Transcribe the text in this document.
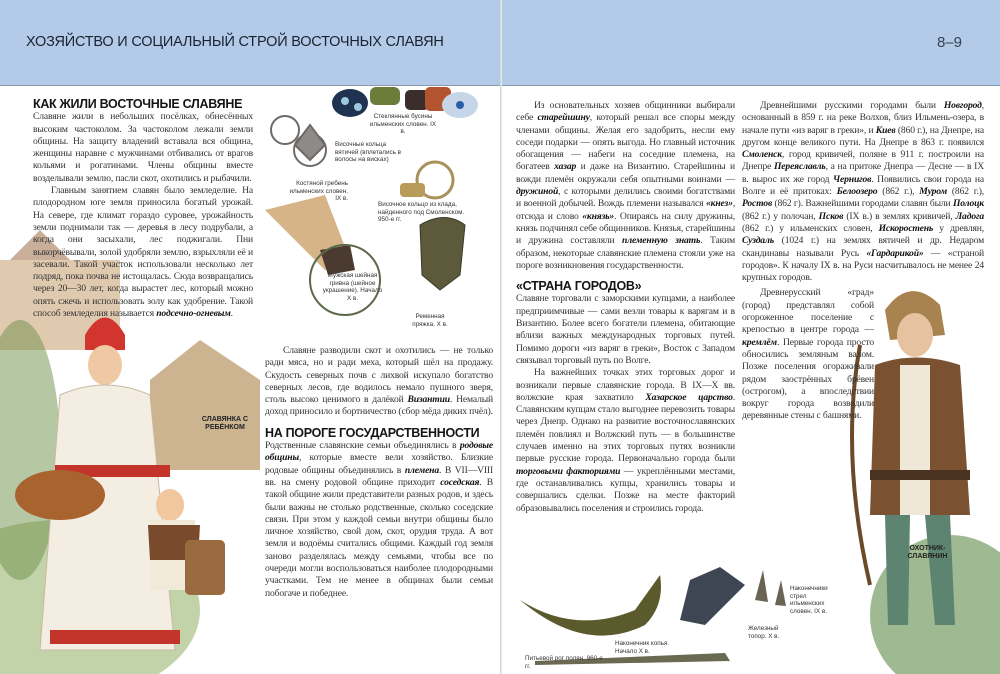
ХОЗЯЙСТВО И СОЦИАЛЬНЫЙ СТРОЙ ВОСТОЧНЫХ СЛАВЯН	8–9
СЛАВЯНКА С РЕБЁНКОМ
Стеклянные бусины ильменских словен. IX в.
Височные кольца вятичей (вплетались в волосы на висках)
Костяной гребень ильменских словен. IX в.
Височное кольцо из клада, найденного под Смоленском. 950-е гг.
Мужская шейная гривна (шейное украшение). Начало X в.
Ременная пряжка. X в.
КАК ЖИЛИ ВОСТОЧНЫЕ СЛАВЯНЕ

Славяне жили в небольших посёлках, обнесённых высоким частоколом. За частоколом лежали земли общины. На защиту владений вставала вся община, женщины наравне с мужчинами отбивались от врагов кольями и рогатинами. Члены общины вместе возделывали землю, пасли скот, охотились и рыбачили.

Главным занятием славян было земледелие. На плодородном юге земля приносила богатый урожай. На севере, где климат гораздо суровее, урожайность земли поднимали так — деревья в лесу подрубали, а когда они засыхали, лес поджигали. Пни выкорчёвывали, золой удобряли землю, взрыхляли её и засевали. Такой участок использовали несколько лет подряд, пока почва не истощалась. Сюда возвращались через 20—30 лет, когда вырастет лес, который можно опять сжечь и использовать золу как удобрение. Такой способ земледелия называется подсечно-огневым.

Славяне разводили скот и охотились — не только ради мяса, но и ради меха, который шёл на продажу. Скудость северных почв с лихвой искупало богатство северных лесов, где водилось немало пушного зверя, столь высоко ценимого в далёкой Византии. Немалый доход приносило и бортничество (сбор мёда диких пчёл).

НА ПОРОГЕ ГОСУДАРСТВЕННОСТИ

Родственные славянские семьи объединялись в родовые общины, которые вместе вели хозяйство. Близкие родовые общины объединялись в племена. В VII—VIII вв. на смену родовой общине приходит соседская. В такой общине жили представители разных родов, и здесь были важны не столько родственные, сколько соседские связи. При этом у каждой семьи внутри общины было личное хозяйство, свой дом, скот, орудия труда. А вот земля и водоёмы считались общими. Каждый год земля заново разделялась между семьями, чтобы все по очереди могли воспользоваться наиболее плодородными участками. Тем не менее в общинах были семьи побогаче и победнее.

Из основательных хозяев общинники выбирали себе старейшину, который решал все споры между членами общины. Желая его задобрить, несли ему соседи подарки — опять выгода. Но главный источник обогащения — набеги на соседние племена, на богатеев хазар и даже на Византию. Старейшины и вожди племён окружали себя опытными воинами — дружиной, с которыми делились своими богатствами и военной добычей. Вождь племени назывался «кнез», отсюда и слово «князь». Опираясь на силу дружины, князь подчинял себе общинников. Князья, старейшины и дружина составляли племенную знать. Таким образом, некоторые славянские племена стояли уже на пороге возникновения государственности.

«СТРАНА ГОРОДОВ»

Славяне торговали с заморскими купцами, а наиболее предприимчивые — сами везли товары к варягам и в Византию. Более всего богатели племена, обитающие вблизи важных международных торговых путей. Помимо дороги «из варяг в греки», Восток с Западом связывал торговый путь по Волге.

На важнейших точках этих торговых дорог и возникали первые славянские города. В IX—X вв. волжские края захватило Хазарское царство. Славянским купцам стало выгоднее перевозить товары через Днепр. Однако на развитие восточнославянских племён повлиял и Волжский путь — в большинстве случаев именно на этих торговых путях возникли первые русские города. Первоначально города были торговыми факториями — укреплёнными местами, где останавливались купцы, хранились товары и совершались сделки. Позже на месте факторий образовывались поселения и строились города.

Древнейшими русскими городами были Новгород, основанный в 859 г. на реке Волхов, близ Ильмень-озера, в начале пути «из варяг в греки», и Киев (860 г.), на Днепре, на другом конце великого пути. На Днепре в 863 г. появился Смоленск, город кривичей, поляне в 911 г. построили на Днепре Переяславль, а на притоке Днепра — Десне — в IX в. вырос их же город Чернигов. Появились свои города на Волге и её притоках: Белоозеро (862 г.), Муром (862 г.), Ростов (862 г). Важнейшими городами славян были Полоцк (862 г.) у полочан, Псков (IX в.) в землях кривичей, Ладога (862 г.) у ильменских словен, Искоростень у древлян, Суздаль (1024 г.) на землях вятичей и др. Недаром скандинавы называли Русь «Гардарикой» — «страной городов». К началу IX в. на Руси насчитывалось не менее 24 крупных городов.

Древнерусский «град» (город) представлял собой огороженное поселение с крепостью в центре города — кремлём. Первые города просто обносились земляным валом. Позже поселения огораживали рядом заострённых брёвен (острогом), а впоследствии вокруг города возводили деревянные стены с башнями.

ОХОТНИК-СЛАВЯНИН
Питьевой рог полян. 960-е гг.
Наконечник копья. Начало X в.
Железный топор. X в.
Наконечники стрел ильменских словен. IX в.
